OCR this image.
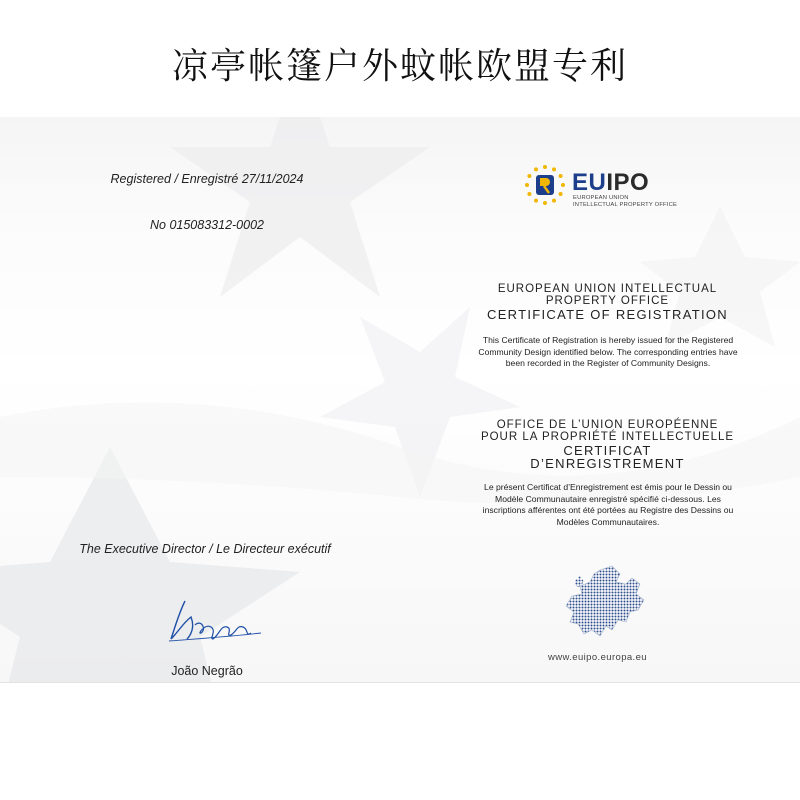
凉亭帐篷户外蚊帐欧盟专利
Registered / Enregistré 27/11/2024
No 015083312-0002
EUIPO
EUROPEAN UNION
INTELLECTUAL PROPERTY OFFICE
EUROPEAN UNION INTELLECTUAL
PROPERTY OFFICE
CERTIFICATE OF REGISTRATION
This Certificate of Registration is hereby issued for the Registered Community Design identified below. The corresponding entries have been recorded in the Register of Community Designs.
OFFICE DE L’UNION EUROPÉENNE
POUR LA PROPRIÉTÉ INTELLECTUELLE
CERTIFICAT
D’ENREGISTREMENT
Le présent Certificat d’Enregistrement est émis pour le Dessin ou Modèle Communautaire enregistré spécifié ci-dessous. Les inscriptions afférentes ont été portées au Registre des Dessins ou Modèles Communautaires.
The Executive Director / Le Directeur exécutif
João Negrão
www.euipo.europa.eu
